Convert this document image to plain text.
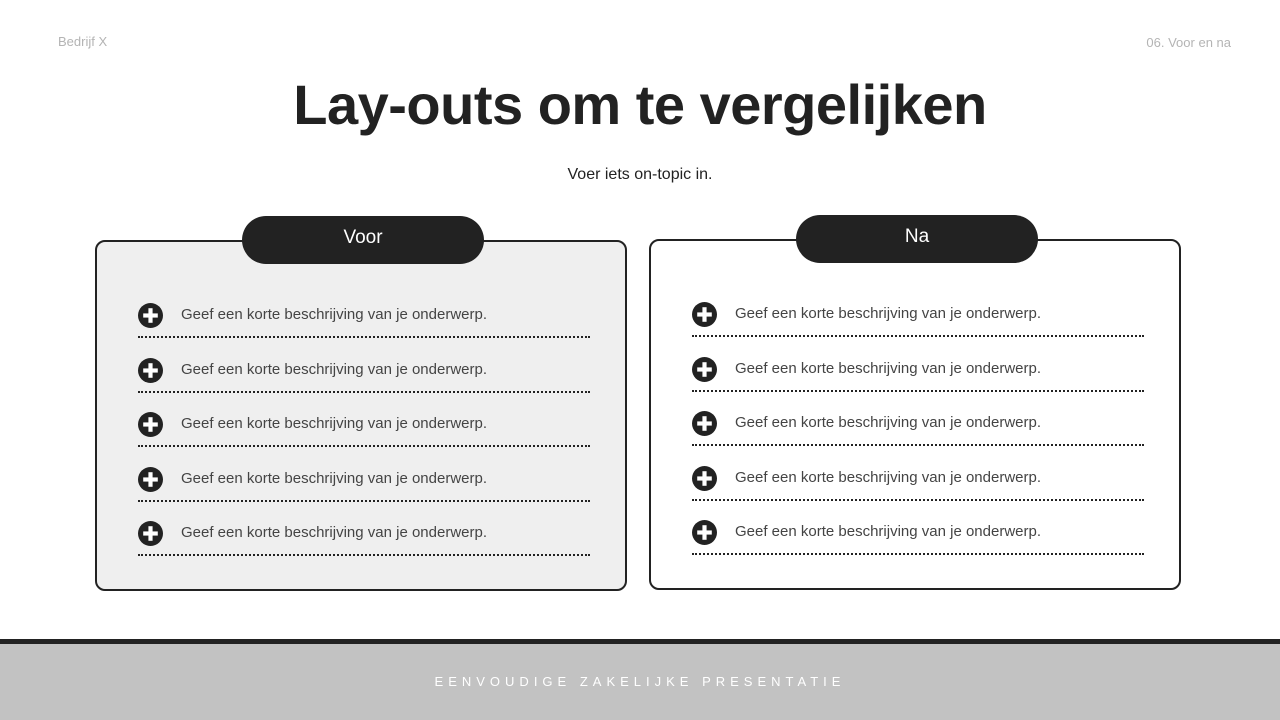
Bedrijf X	06. Voor en na
Lay-outs om te vergelijken
Voer iets on-topic in.
Voor
Geef een korte beschrijving van je onderwerp.
Geef een korte beschrijving van je onderwerp.
Geef een korte beschrijving van je onderwerp.
Geef een korte beschrijving van je onderwerp.
Geef een korte beschrijving van je onderwerp.
Na
Geef een korte beschrijving van je onderwerp.
Geef een korte beschrijving van je onderwerp.
Geef een korte beschrijving van je onderwerp.
Geef een korte beschrijving van je onderwerp.
Geef een korte beschrijving van je onderwerp.
EENVOUDIGE ZAKELIJKE PRESENTATIE
